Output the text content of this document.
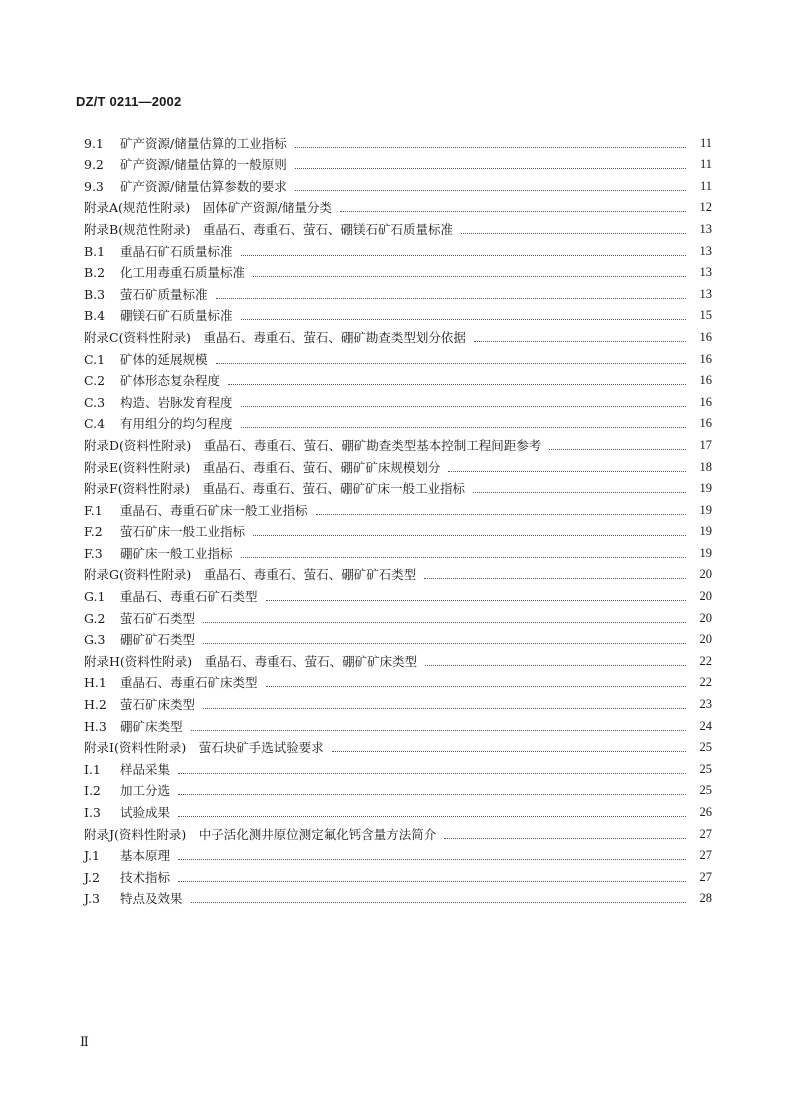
DZ/T 0211—2002
9.1 矿产资源/储量估算的工业指标	11
9.2 矿产资源/储量估算的一般原则	11
9.3 矿产资源/储量估算参数的要求	11
附录A(规范性附录)　固体矿产资源/储量分类	12
附录B(规范性附录)　重晶石、毒重石、萤石、硼镁石矿石质量标准	13
B.1 重晶石矿石质量标准	13
B.2 化工用毒重石质量标准	13
B.3 萤石矿质量标准	13
B.4 硼镁石矿石质量标准	15
附录C(资料性附录)　重晶石、毒重石、萤石、硼矿勘查类型划分依据	16
C.1 矿体的延展规模	16
C.2 矿体形态复杂程度	16
C.3 构造、岩脉发育程度	16
C.4 有用组分的均匀程度	16
附录D(资料性附录)　重晶石、毒重石、萤石、硼矿勘查类型基本控制工程间距参考	17
附录E(资料性附录)　重晶石、毒重石、萤石、硼矿矿床规模划分	18
附录F(资料性附录)　重晶石、毒重石、萤石、硼矿矿床一般工业指标	19
F.1 重晶石、毒重石矿床一般工业指标	19
F.2 萤石矿床一般工业指标	19
F.3 硼矿床一般工业指标	19
附录G(资料性附录)　重晶石、毒重石、萤石、硼矿矿石类型	20
G.1 重晶石、毒重石矿石类型	20
G.2 萤石矿石类型	20
G.3 硼矿矿石类型	20
附录H(资料性附录)　重晶石、毒重石、萤石、硼矿矿床类型	22
H.1 重晶石、毒重石矿床类型	22
H.2 萤石矿床类型	23
H.3 硼矿床类型	24
附录I(资料性附录)　萤石块矿手选试验要求	25
I.1 样品采集	25
I.2 加工分选	25
I.3 试验成果	26
附录J(资料性附录)　中子活化测井原位测定氟化钙含量方法简介	27
J.1 基本原理	27
J.2 技术指标	27
J.3 特点及效果	28
Ⅱ
